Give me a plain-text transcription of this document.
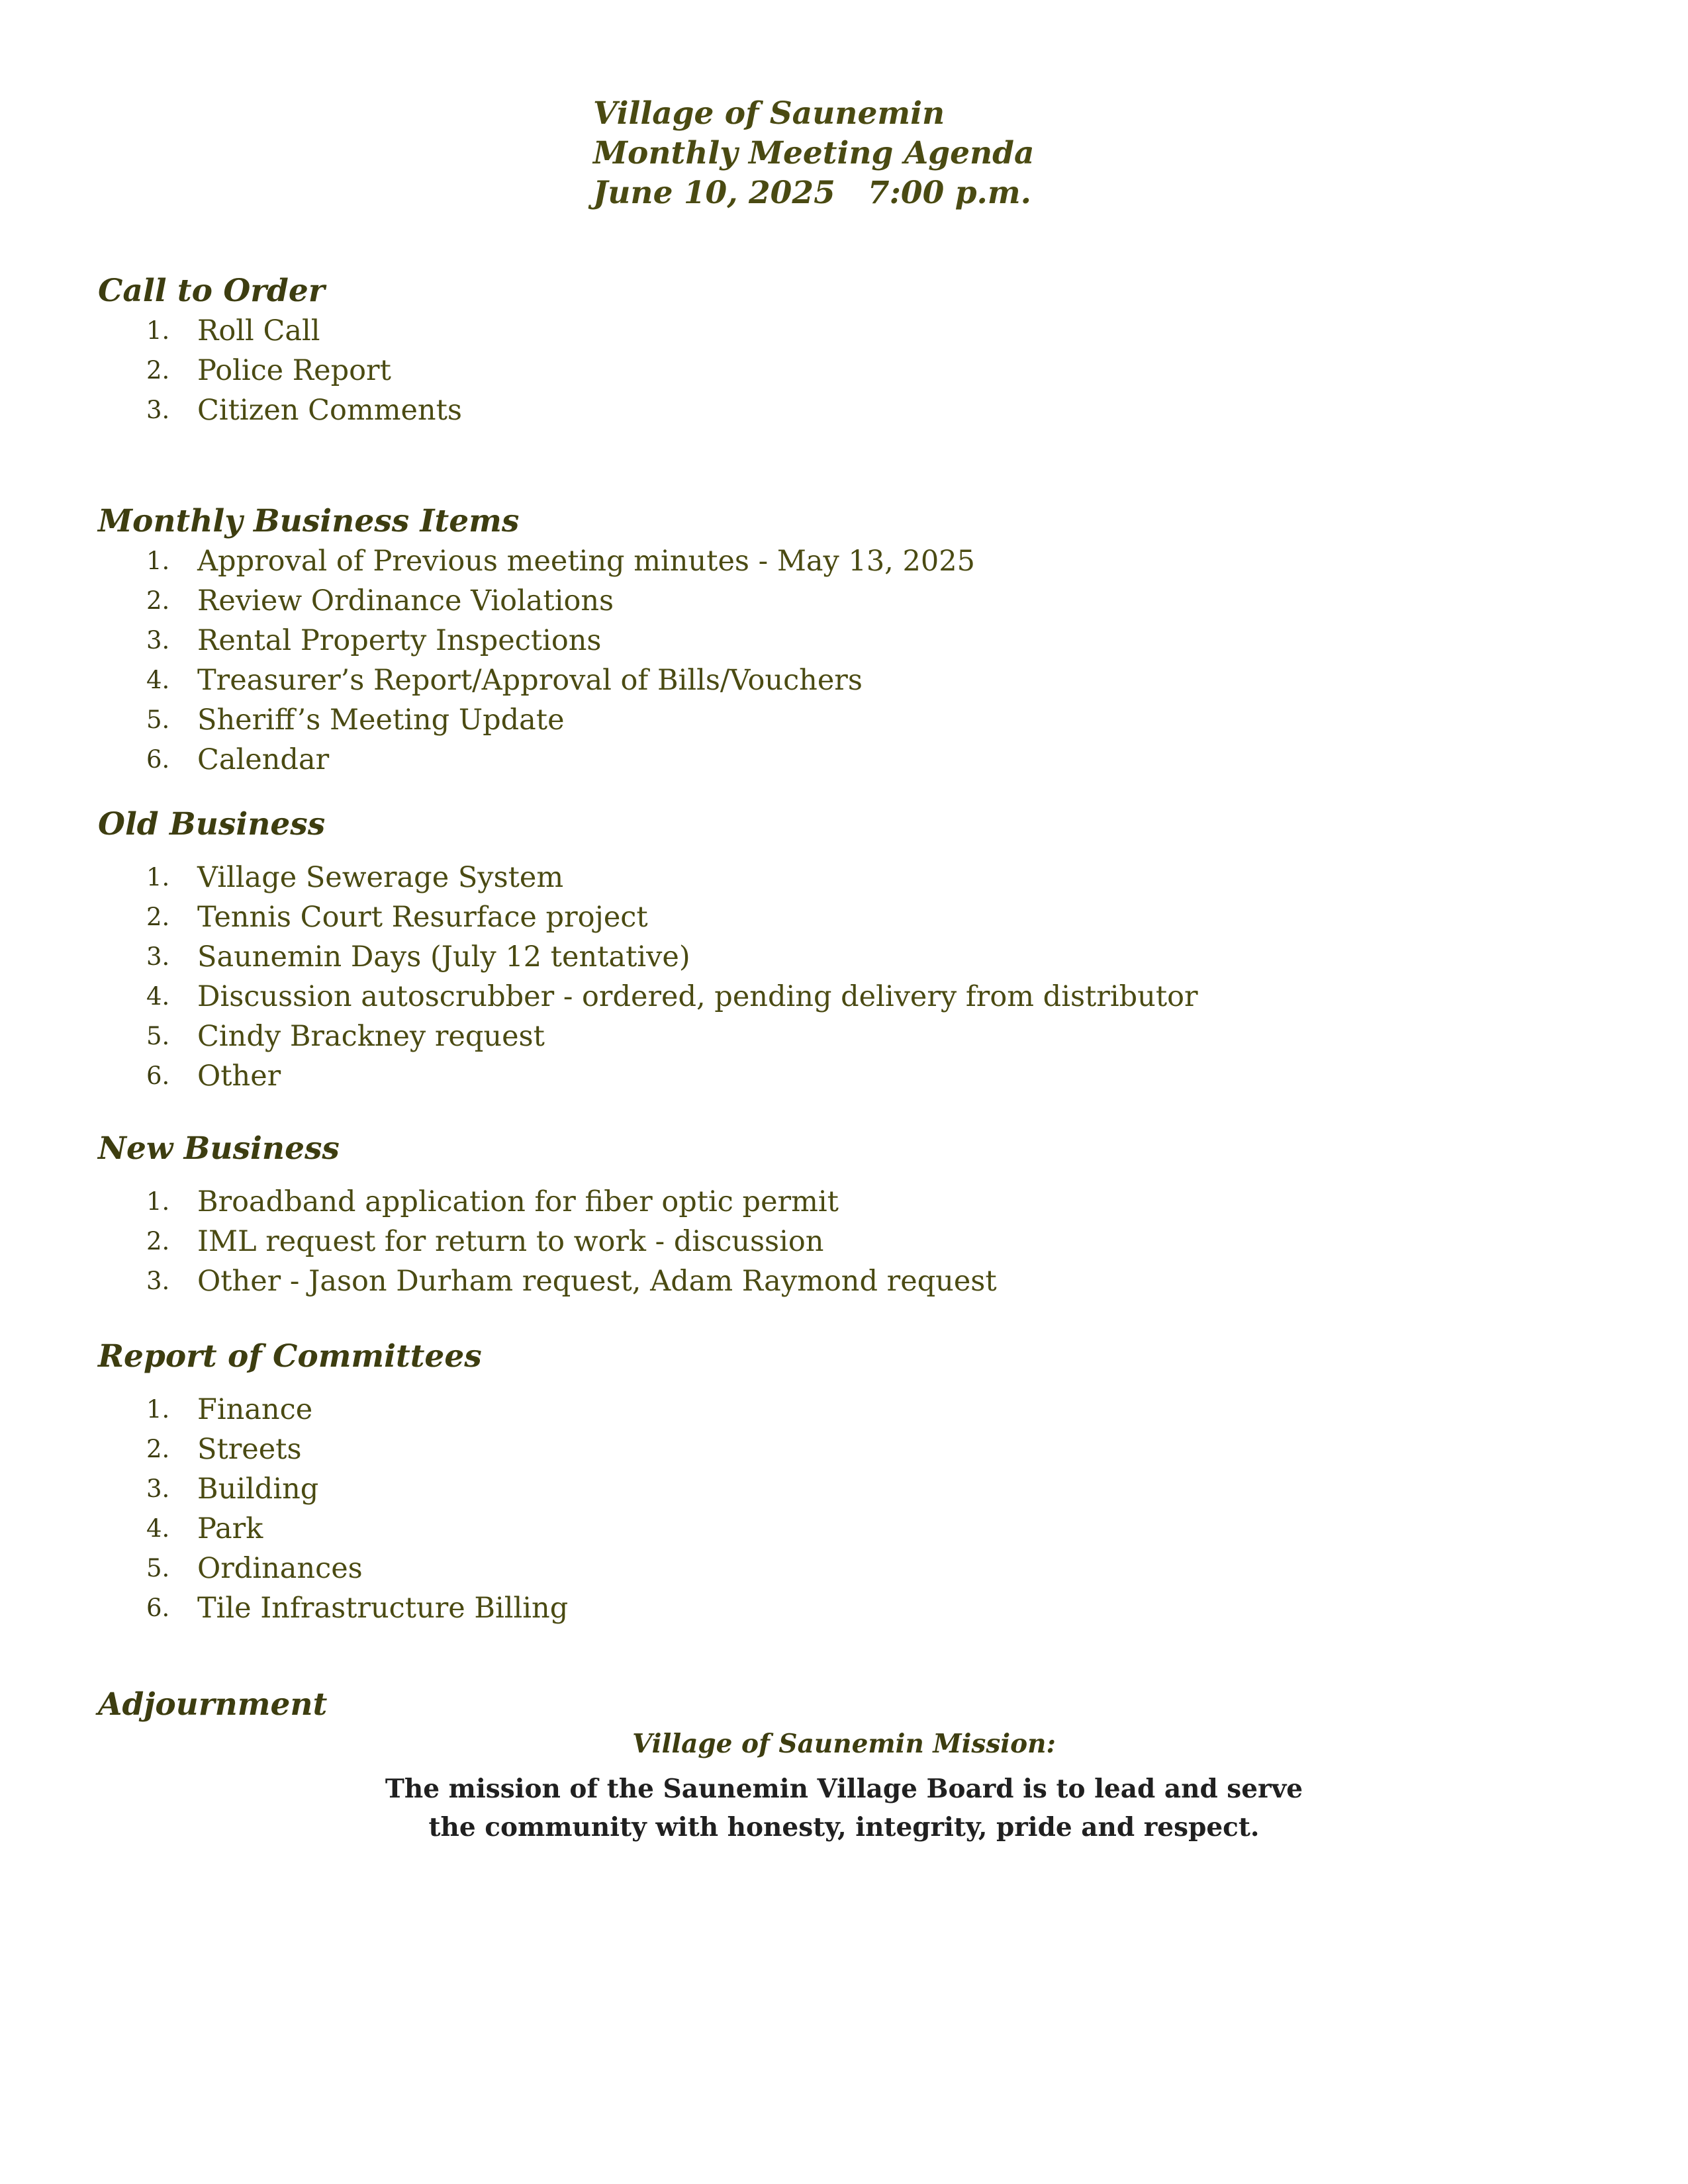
Village of Saunemin
Monthly Meeting Agenda
June 10, 2025   7:00 p.m.
Call to Order
1. Roll Call
2. Police Report
3. Citizen Comments
Monthly Business Items
1. Approval of Previous meeting minutes - May 13, 2025
2. Review Ordinance Violations
3. Rental Property Inspections
4. Treasurer’s Report/Approval of Bills/Vouchers
5. Sheriff’s Meeting Update
6. Calendar
Old Business
1. Village Sewerage System
2. Tennis Court Resurface project
3. Saunemin Days (July 12 tentative)
4. Discussion autoscrubber - ordered, pending delivery from distributor
5. Cindy Brackney request
6. Other
New Business
1. Broadband application for fiber optic permit
2. IML request for return to work - discussion
3. Other - Jason Durham request, Adam Raymond request
Report of Committees
1. Finance
2. Streets
3. Building
4. Park
5. Ordinances
6. Tile Infrastructure Billing
Adjournment
Village of Saunemin Mission:
The mission of the Saunemin Village Board is to lead and serve
the community with honesty, integrity, pride and respect.
